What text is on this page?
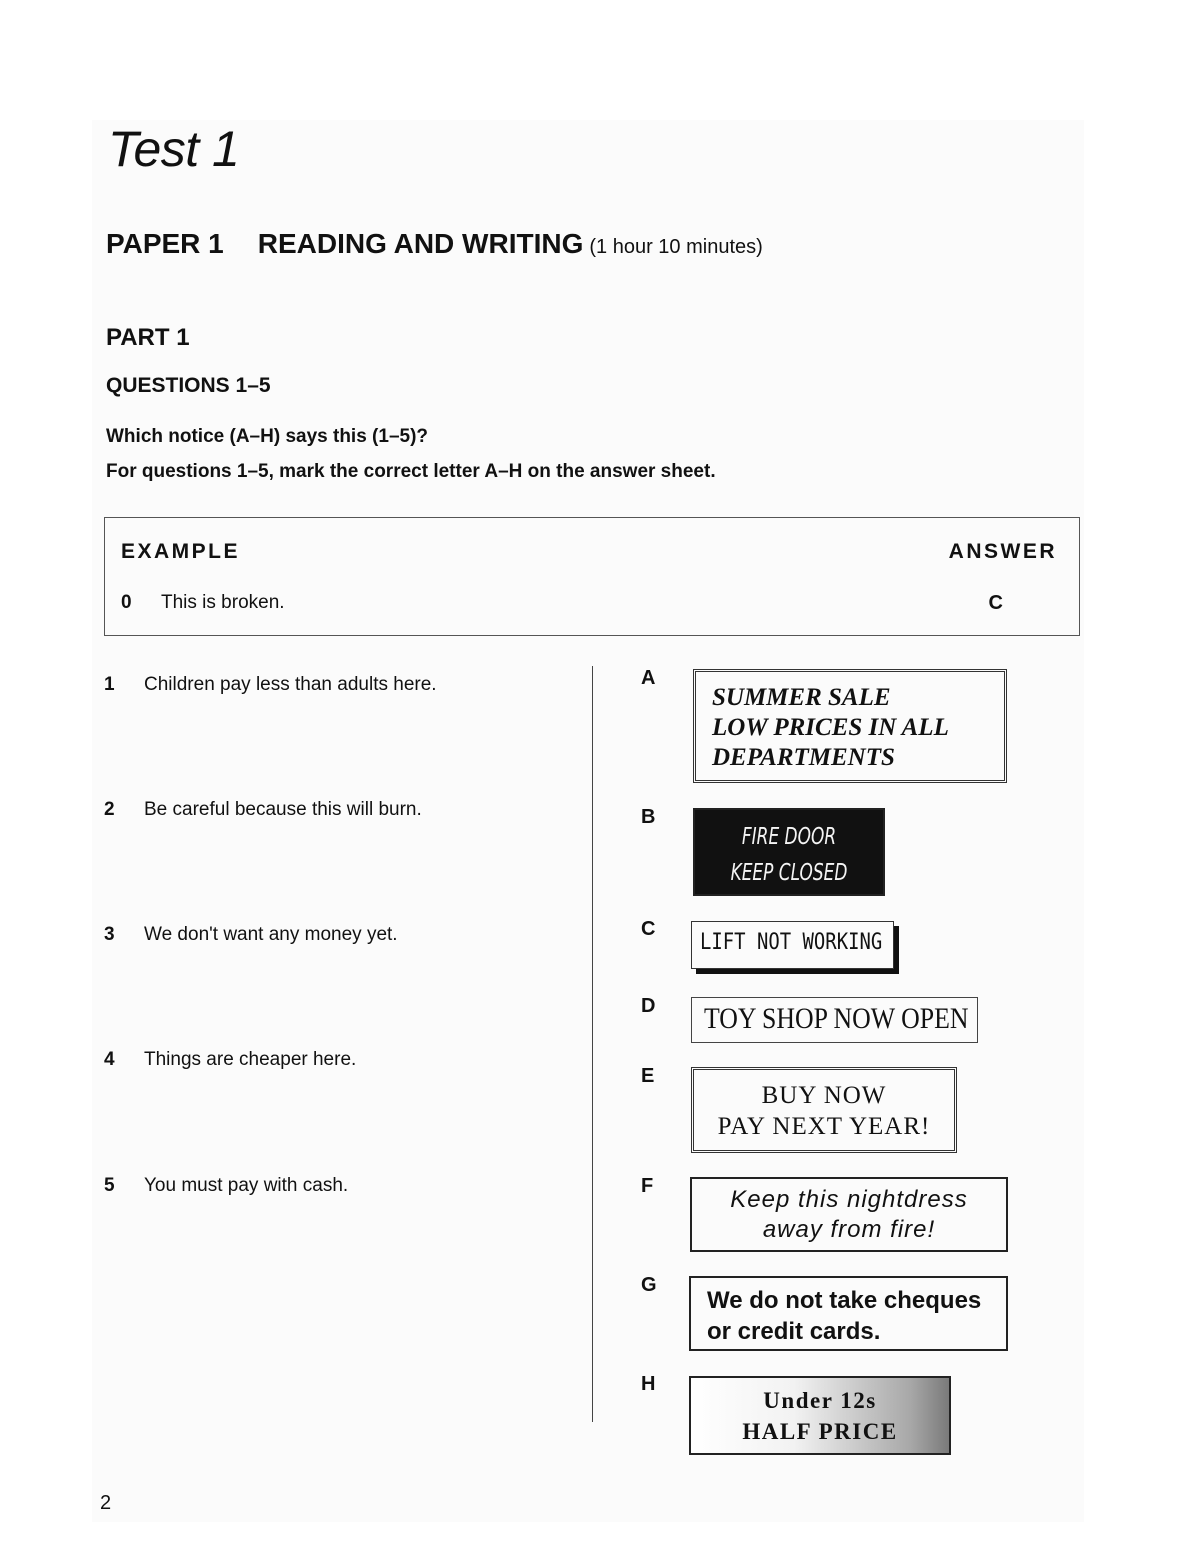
Test 1
PAPER 1 READING AND WRITING (1 hour 10 minutes)
PART 1
QUESTIONS 1–5
Which notice (A–H) says this (1–5)?
For questions 1–5, mark the correct letter A–H on the answer sheet.
EXAMPLE	ANSWER
0 This is broken.	C
1 Children pay less than adults here.
2 Be careful because this will burn.
3 We don't want any money yet.
4 Things are cheaper here.
5 You must pay with cash.
A
B
C
D
E
F
G
H
SUMMER SALE
LOW PRICES IN ALL
DEPARTMENTS
FIRE DOOR
KEEP CLOSED
LIFT NOT WORKING
TOY SHOP NOW OPEN
BUY NOW
PAY NEXT YEAR!
Keep this nightdress
away from fire!
We do not take cheques
or credit cards.
Under 12s
HALF PRICE
2
